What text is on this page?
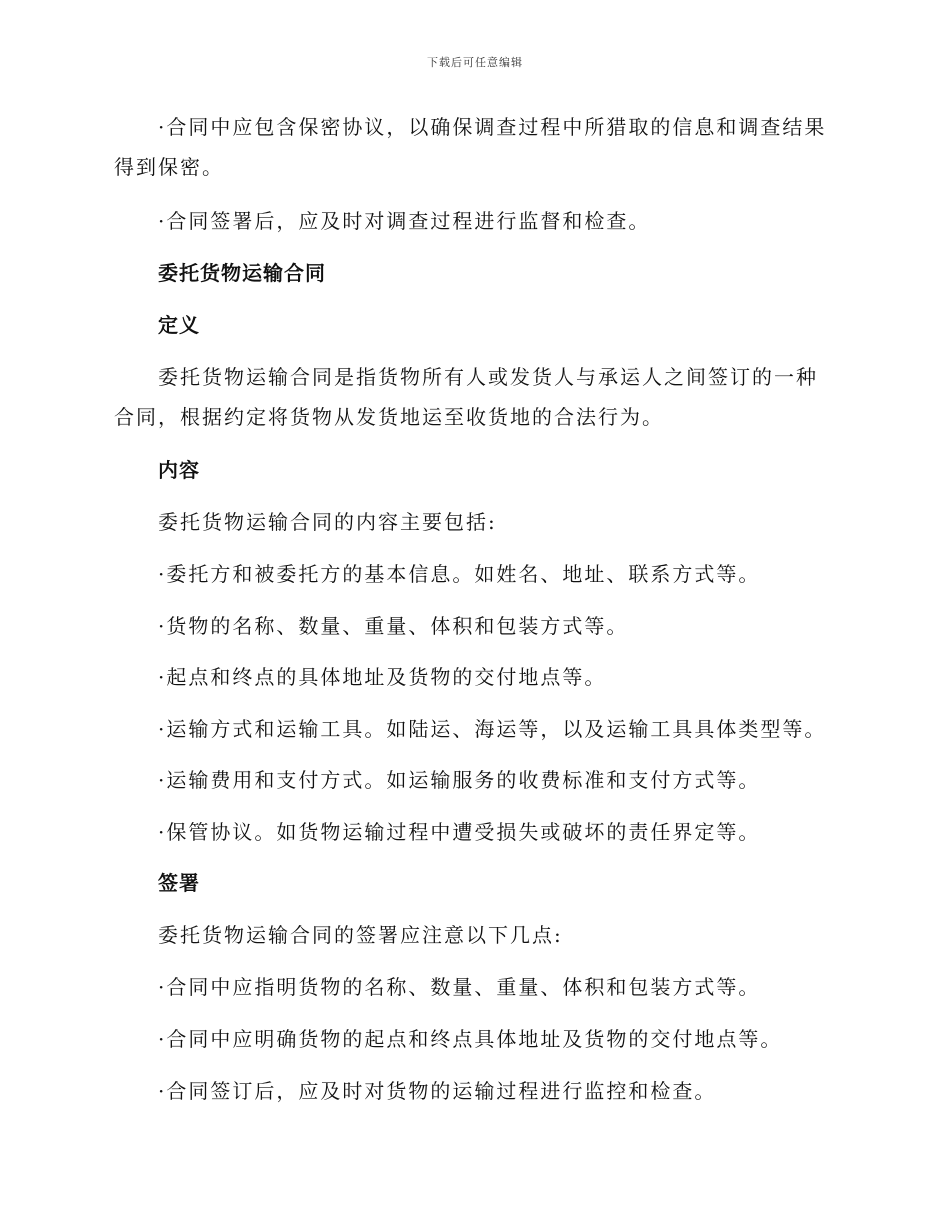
下载后可任意编辑

·合同中应包含保密协议，以确保调查过程中所猎取的信息和调查结果得到保密。

·合同签署后，应及时对调查过程进行监督和检查。

委托货物运输合同
定义

委托货物运输合同是指货物所有人或发货人与承运人之间签订的一种合同，根据约定将货物从发货地运至收货地的合法行为。

内容

委托货物运输合同的内容主要包括:

·委托方和被委托方的基本信息。如姓名、地址、联系方式等。

·货物的名称、数量、重量、体积和包装方式等。

·起点和终点的具体地址及货物的交付地点等。

·运输方式和运输工具。如陆运、海运等，以及运输工具具体类型等。

·运输费用和支付方式。如运输服务的收费标准和支付方式等。

·保管协议。如货物运输过程中遭受损失或破坏的责任界定等。

签署

委托货物运输合同的签署应注意以下几点:

·合同中应指明货物的名称、数量、重量、体积和包装方式等。

·合同中应明确货物的起点和终点具体地址及货物的交付地点等。

·合同签订后，应及时对货物的运输过程进行监控和检查。
